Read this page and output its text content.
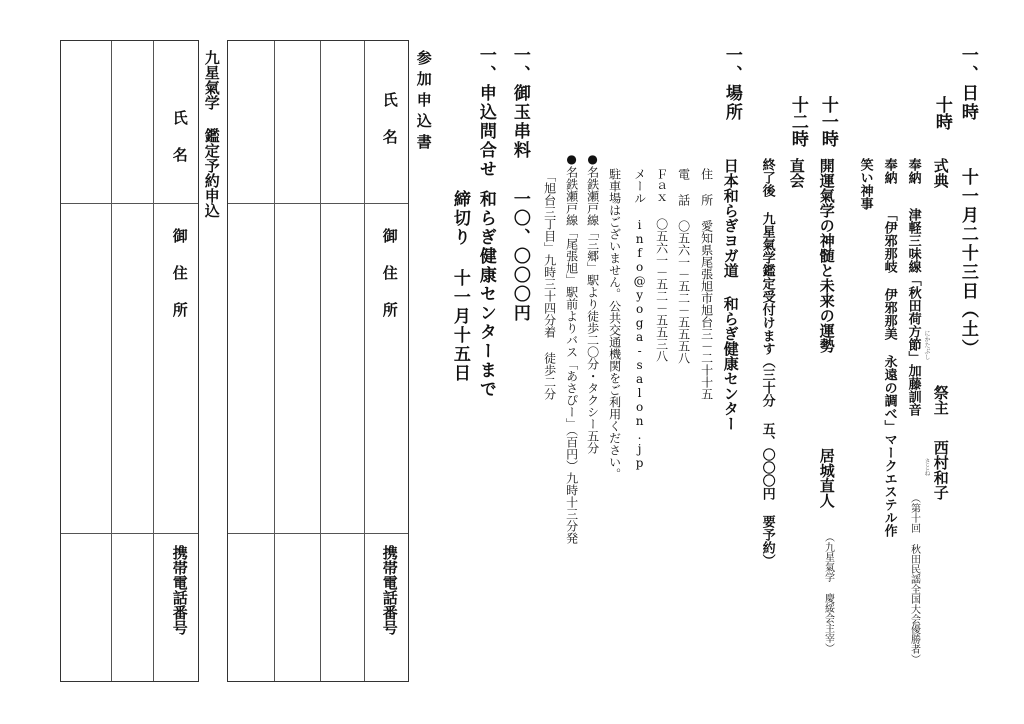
一、日時
十一月二十三日（土）
十時
式典
祭主
西村和子
奉納
津軽三味線「秋田荷方節」加藤訓音 にかたぶし
さとね
（第十回 秋田民謡全国大会優勝者）
奉納
「伊邪那岐 伊邪那美 永遠の調べ」マークエステル作
笑い神事
十一時
開運氣学の神髄と未来の運勢
居城直人
（九星氣学 慶綏会主宰）
十二時
直会
終了後 九星氣学鑑定受付けます（三十分 五、〇〇〇円 要予約）
一、場所
日本和らぎヨガ道 和らぎ健康センター
住 所 愛知県尾張旭市旭台三－二十十五
電 話 〇五六一－五二－五五五八
Ｆａｘ 〇五六一－五二－五五三八
メール info@yoga-salon.jp
駐車場はございません。公共交通機関をご利用ください。
●名鉄瀬戸線「三郷」駅より徒歩二〇分・タクシー五分
●名鉄瀬戸線「尾張旭」駅前よりバス「あさぴー」（百円）九時十三分発
「旭台三丁目」九時三十四分着 徒歩二分
一、御玉串料
一〇、〇〇〇円
一、申込問合せ
和らぎ健康センターまで
締切り 十一月十五日
参加申込書
氏 名
御 住 所
携帯電話番号
九星氣学 鑑定予約申込
氏 名
御 住 所
携帯電話番号
